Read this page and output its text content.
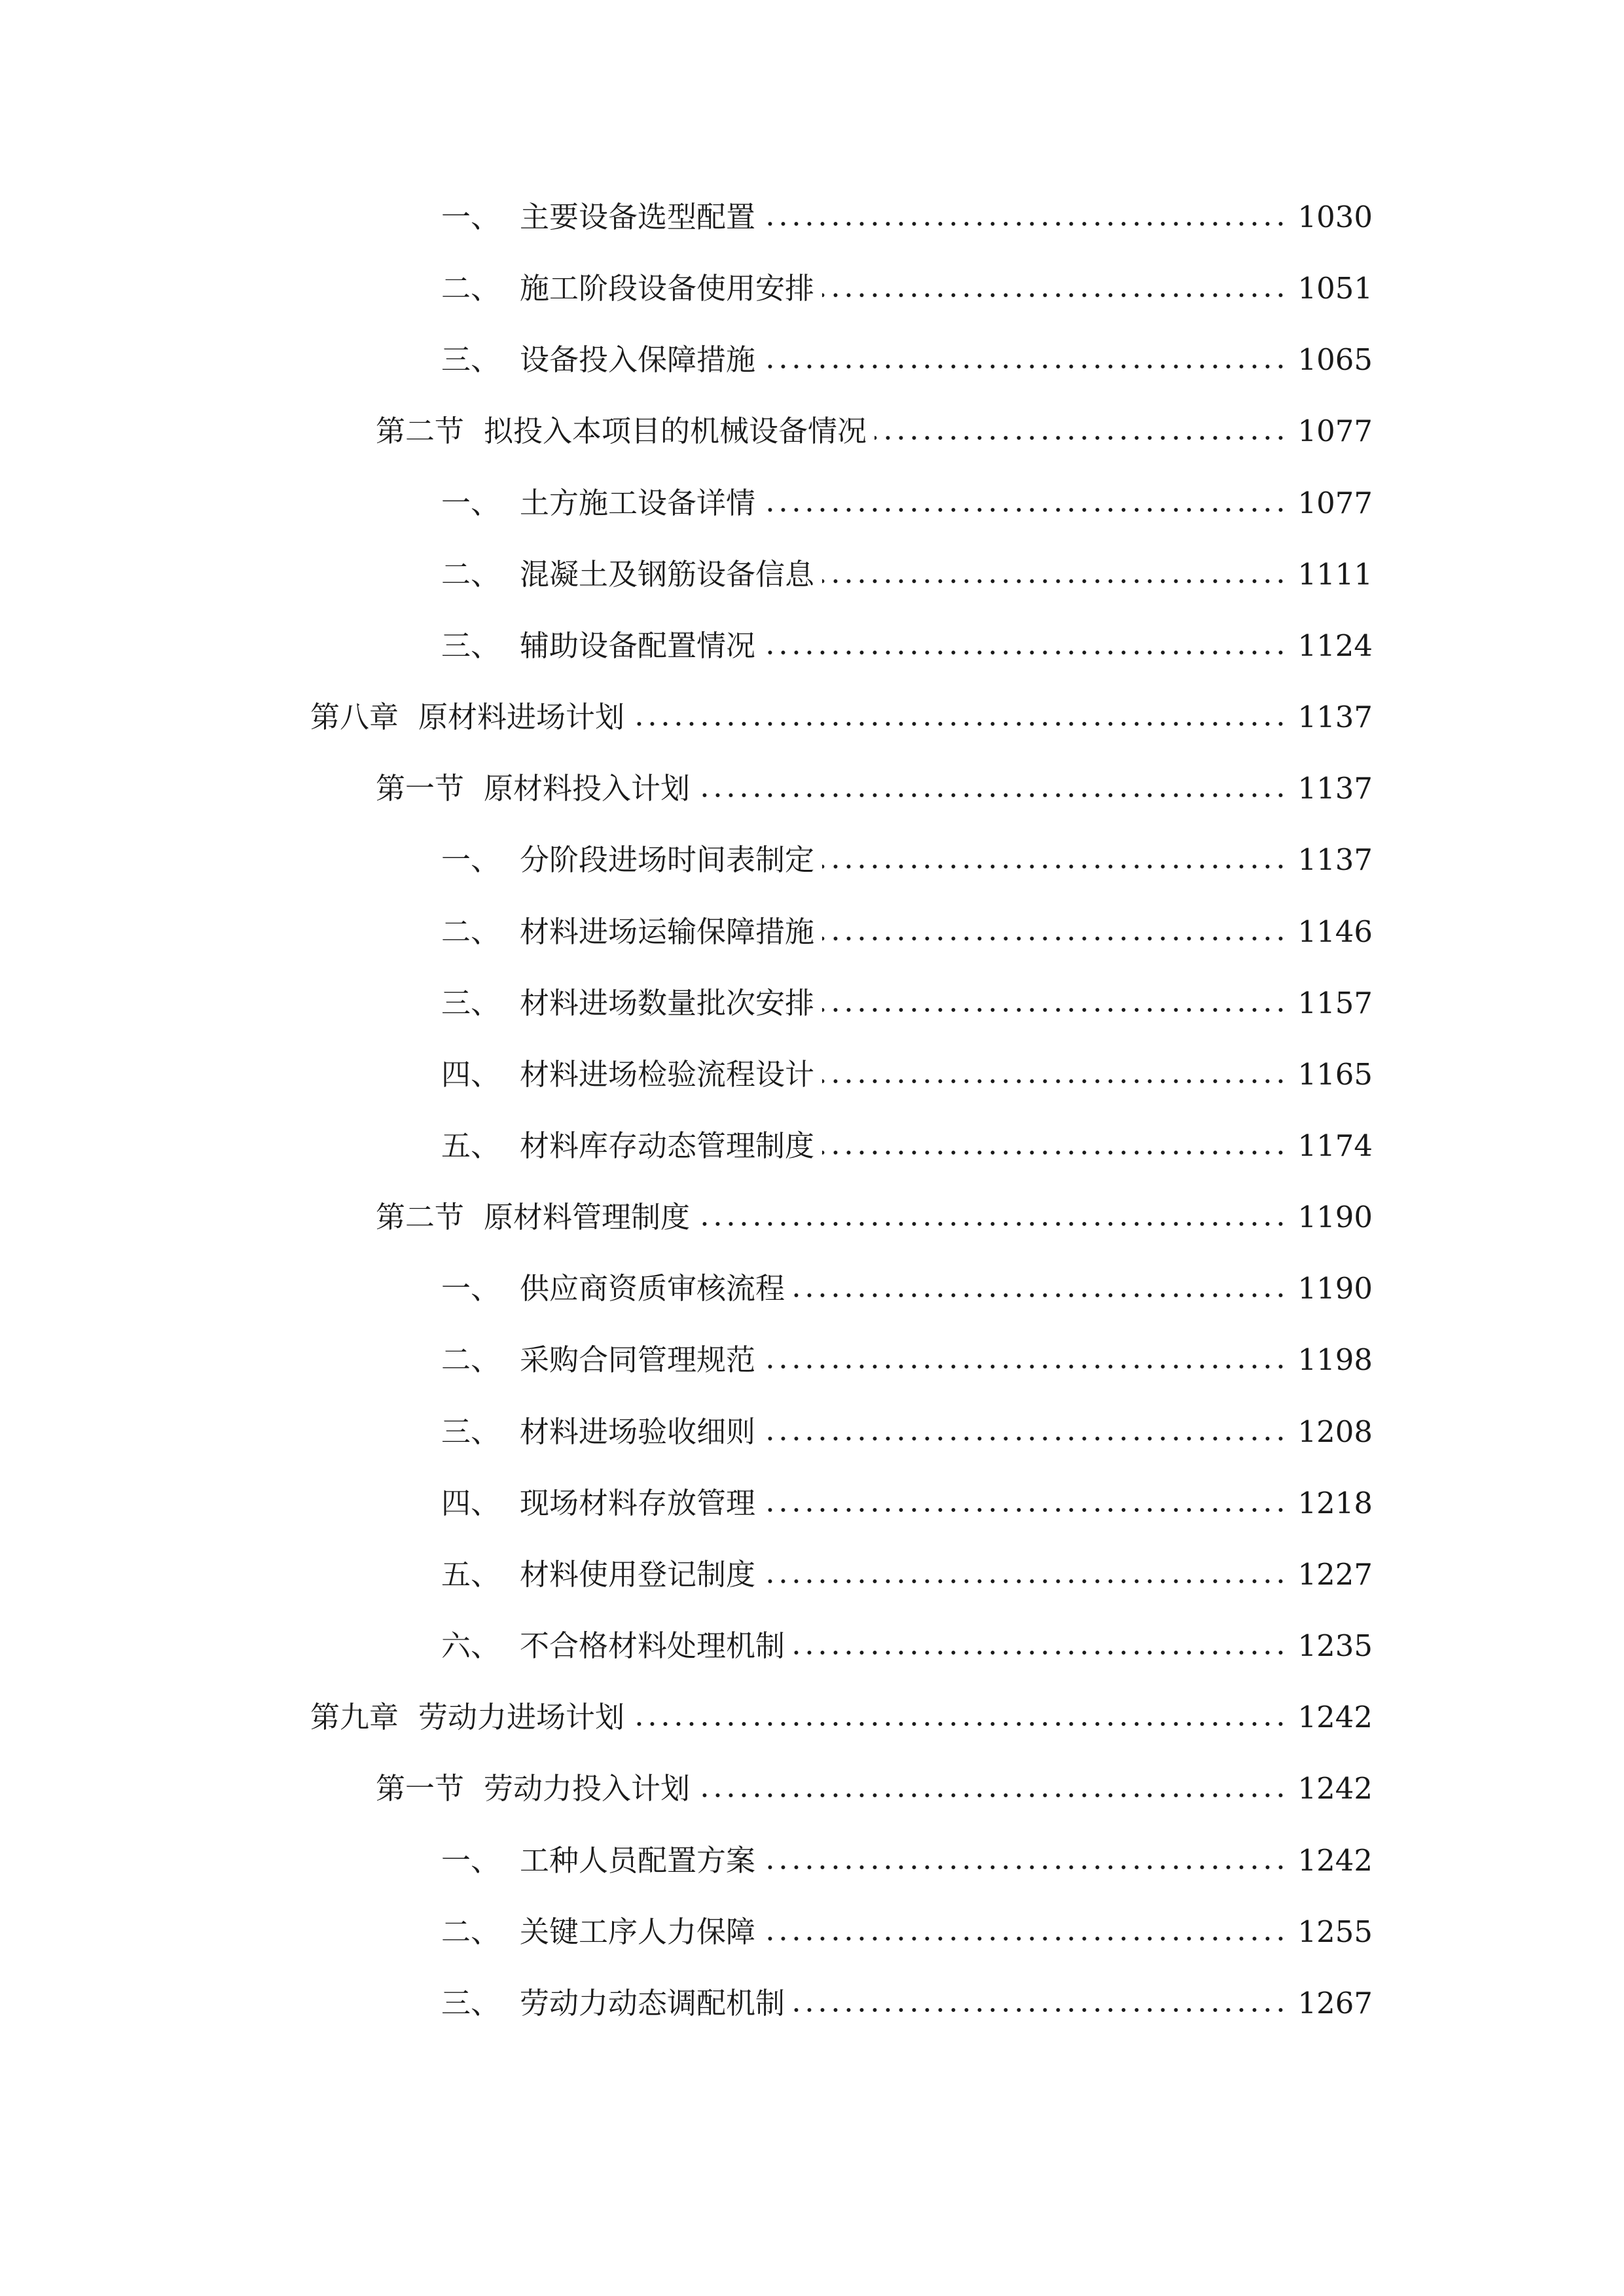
一、 主要设备选型配置	1030
二、 施工阶段设备使用安排	1051
三、 设备投入保障措施	1065
第二节 拟投入本项目的机械设备情况	1077
一、 土方施工设备详情	1077
二、 混凝土及钢筋设备信息	1111
三、 辅助设备配置情况	1124
第八章 原材料进场计划	1137
第一节 原材料投入计划	1137
一、 分阶段进场时间表制定	1137
二、 材料进场运输保障措施	1146
三、 材料进场数量批次安排	1157
四、 材料进场检验流程设计	1165
五、 材料库存动态管理制度	1174
第二节 原材料管理制度	1190
一、 供应商资质审核流程	1190
二、 采购合同管理规范	1198
三、 材料进场验收细则	1208
四、 现场材料存放管理	1218
五、 材料使用登记制度	1227
六、 不合格材料处理机制	1235
第九章 劳动力进场计划	1242
第一节 劳动力投入计划	1242
一、 工种人员配置方案	1242
二、 关键工序人力保障	1255
三、 劳动力动态调配机制	1267
